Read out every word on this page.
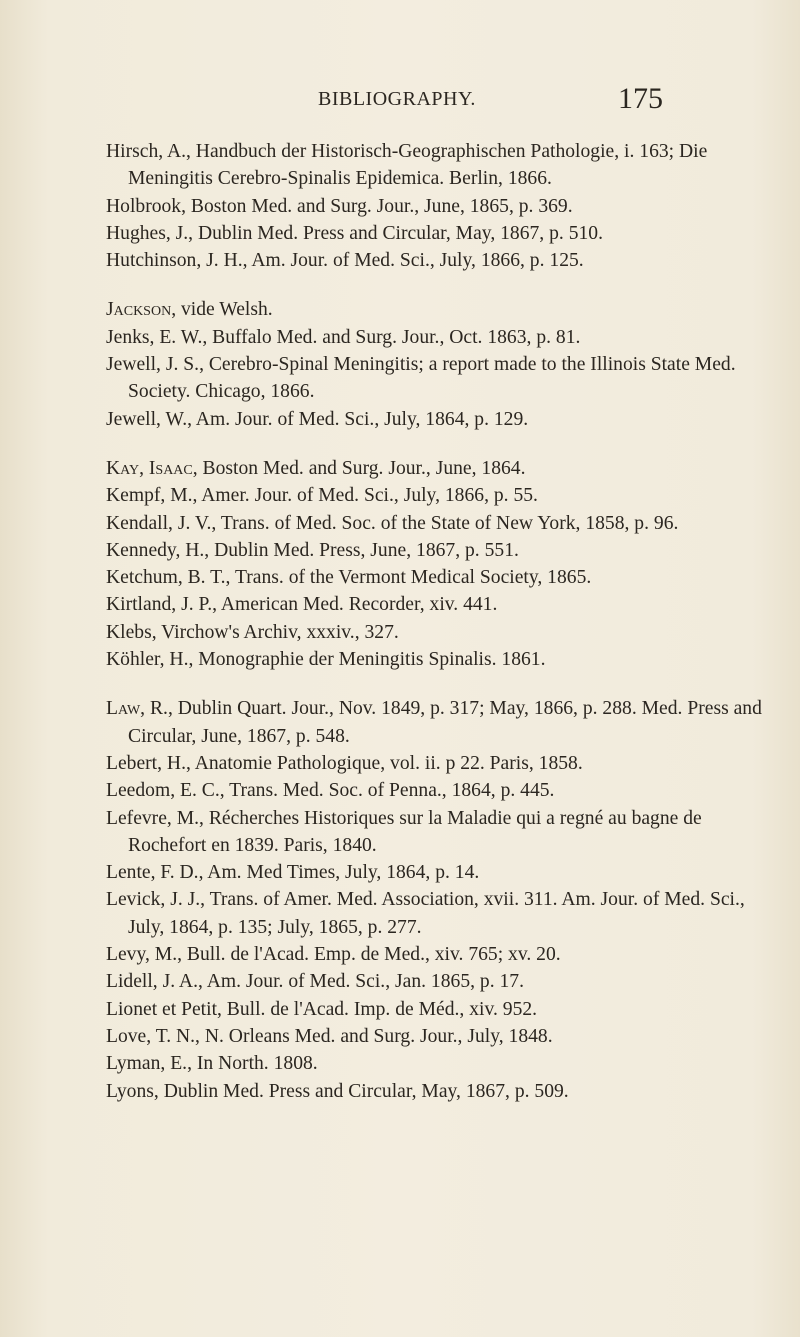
BIBLIOGRAPHY.	175
Hirsch, A., Handbuch der Historisch-Geographischen Pathologie, i. 163; Die Meningitis Cerebro-Spinalis Epidemica. Berlin, 1866.
Holbrook, Boston Med. and Surg. Jour., June, 1865, p. 369.
Hughes, J., Dublin Med. Press and Circular, May, 1867, p. 510.
Hutchinson, J. H., Am. Jour. of Med. Sci., July, 1866, p. 125.
Jackson, vide Welsh.
Jenks, E. W., Buffalo Med. and Surg. Jour., Oct. 1863, p. 81.
Jewell, J. S., Cerebro-Spinal Meningitis; a report made to the Illinois State Med. Society. Chicago, 1866.
Jewell, W., Am. Jour. of Med. Sci., July, 1864, p. 129.
Kay, Isaac, Boston Med. and Surg. Jour., June, 1864.
Kempf, M., Amer. Jour. of Med. Sci., July, 1866, p. 55.
Kendall, J. V., Trans. of Med. Soc. of the State of New York, 1858, p. 96.
Kennedy, H., Dublin Med. Press, June, 1867, p. 551.
Ketchum, B. T., Trans. of the Vermont Medical Society, 1865.
Kirtland, J. P., American Med. Recorder, xiv. 441.
Klebs, Virchow's Archiv, xxxiv., 327.
Köhler, H., Monographie der Meningitis Spinalis. 1861.
Law, R., Dublin Quart. Jour., Nov. 1849, p. 317; May, 1866, p. 288. Med. Press and Circular, June, 1867, p. 548.
Lebert, H., Anatomie Pathologique, vol. ii. p 22. Paris, 1858.
Leedom, E. C., Trans. Med. Soc. of Penna., 1864, p. 445.
Lefevre, M., Récherches Historiques sur la Maladie qui a regné au bagne de Rochefort en 1839. Paris, 1840.
Lente, F. D., Am. Med Times, July, 1864, p. 14.
Levick, J. J., Trans. of Amer. Med. Association, xvii. 311. Am. Jour. of Med. Sci., July, 1864, p. 135; July, 1865, p. 277.
Levy, M., Bull. de l'Acad. Emp. de Med., xiv. 765; xv. 20.
Lidell, J. A., Am. Jour. of Med. Sci., Jan. 1865, p. 17.
Lionet et Petit, Bull. de l'Acad. Imp. de Méd., xiv. 952.
Love, T. N., N. Orleans Med. and Surg. Jour., July, 1848.
Lyman, E., In North. 1808.
Lyons, Dublin Med. Press and Circular, May, 1867, p. 509.
